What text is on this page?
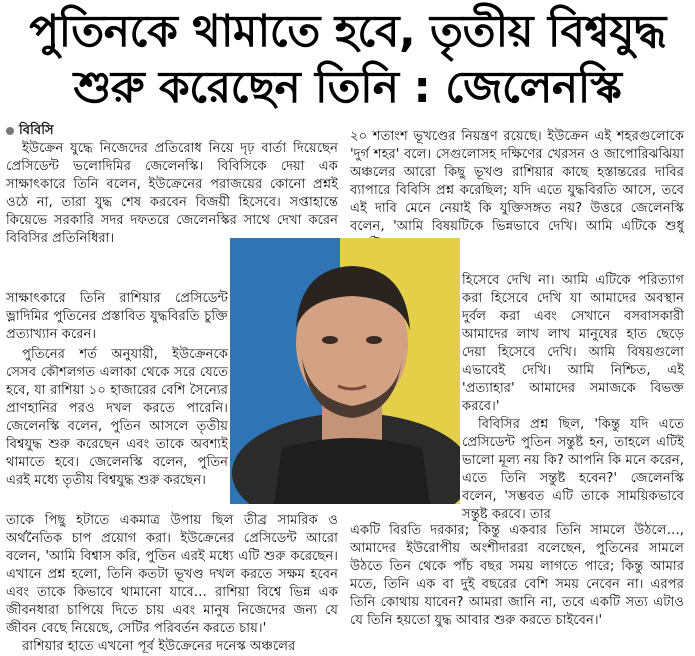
পুতিনকে থামাতে হবে, তৃতীয় বিশ্বযুদ্ধ
শুরু করেছেন তিনি : জেলেনস্কি
বিবিসি

ইউক্রেন যুদ্ধে নিজেদের প্রতিরোধ নিয়ে দৃঢ় বার্তা দিয়েছেন প্রেসিডেন্ট ভলোদিমির জেলেনস্কি। বিবিসিকে দেয়া এক সাক্ষাৎকারে তিনি বলেন, ইউক্রেনের পরাজয়ের কোনো প্রশ্নই ওঠে না, তারা যুদ্ধ শেষ করবেন বিজয়ী হিসেবে। সপ্তাহান্তে কিয়েভে সরকারি সদর দফতরে জেলেনস্কির সাথে দেখা করেন বিবিসির প্রতিনিধিরা।

সাক্ষাৎকারে তিনি রাশিয়ার প্রেসিডেন্ট ভ্লাদিমির পুতিনের প্রস্তাবিত যুদ্ধবিরতি চুক্তি প্রত্যাখ্যান করেন।

পুতিনের শর্ত অনুযায়ী, ইউক্রেনকে সেসব কৌশলগত এলাকা থেকে সরে যেতে হবে, যা রাশিয়া ১০ হাজারের বেশি সৈন্যের প্রাণহানির পরও দখল করতে পারেনি। জেলেনস্কি বলেন, পুতিন আসলে তৃতীয় বিশ্বযুদ্ধ শুরু করেছেন এবং তাকে অবশ্যই থামাতে হবে। জেলেনস্কি বলেন, পুতিন এরই মধ্যে তৃতীয় বিশ্বযুদ্ধ শুরু করছেন।

তাকে পিছু হটাতে একমাত্র উপায় ছিল তীব্র সামরিক ও অর্থনৈতিক চাপ প্রয়োগ করা। ইউক্রেনের প্রেসিডেন্ট আরো বলেন, 'আমি বিশ্বাস করি, পুতিন এরই মধ্যে এটি শুরু করেছেন। এখানে প্রশ্ন হলো, তিনি কতটা ভূখণ্ড দখল করতে সক্ষম হবেন এবং তাকে কিভাবে থামানো যাবে… রাশিয়া বিশ্বে ভিন্ন এক জীবনধারা চাপিয়ে দিতে চায় এবং মানুষ নিজেদের জন্য যে জীবন বেছে নিয়েছে, সেটির পরিবর্তন করতে চায়।'

রাশিয়ার হাতে এখনো পূর্ব ইউক্রেনের দনেস্ক অঞ্চলের

২০ শতাংশ ভূখণ্ডের নিয়ন্ত্রণ রয়েছে। ইউক্রেন এই শহরগুলোকে 'দুর্গ শহর' বলে। সেগুলোসহ দক্ষিণের খেরসন ও জাপোরিঝঝিয়া অঞ্চলের আরো কিছু ভূখণ্ড রাশিয়ার কাছে হস্তান্তরের দাবির ব্যাপারে বিবিসি প্রশ্ন করেছিল; যদি এতে যুদ্ধবিরতি আসে, তবে এই দাবি মেনে নেয়াই কি যুক্তিসঙ্গত নয়? উত্তরে জেলেনস্কি বলেন, 'আমি বিষয়টিকে ভিন্নভাবে দেখি। আমি এটিকে শুধু

হিসেবে দেখি না। আমি এটিকে পরিত্যাগ করা হিসেবে দেখি যা আমাদের অবস্থান দুর্বল করা এবং সেখানে বসবাসকারী আমাদের লাখ লাখ মানুষের হাত ছেড়ে দেয়া হিসেবে দেখি। আমি বিষয়গুলো এভাবেই দেখি। আমি নিশ্চিত, এই 'প্রত্যাহার' আমাদের সমাজকে বিভক্ত করবে।'

বিবিসির প্রশ্ন ছিল, 'কিন্তু যদি এতে প্রেসিডেন্ট পুতিন সন্তুষ্ট হন, তাহলে এটিই ভালো মূল্য নয় কি? আপনি কি মনে করেন, এতে তিনি সন্তুষ্ট হবেন?' জেলেনস্কি বলেন, 'সম্ভবত এটি তাকে সাময়িকভাবে সন্তুষ্ট করবে। তার

একটি বিরতি দরকার; কিন্তু একবার তিনি সামলে উঠলে…, আমাদের ইউরোপীয় অংশীদাররা বলেছেন, পুতিনের সামলে উঠতে তিন থেকে পাঁচ বছর সময় লাগতে পারে; কিন্তু আমার মতে, তিনি এক বা দুই বছরের বেশি সময় নেবেন না। এরপর তিনি কোথায় যাবেন? আমরা জানি না, তবে একটি সত্য এটাও যে তিনি হয়তো যুদ্ধ আবার শুরু করতে চাইবেন।'
